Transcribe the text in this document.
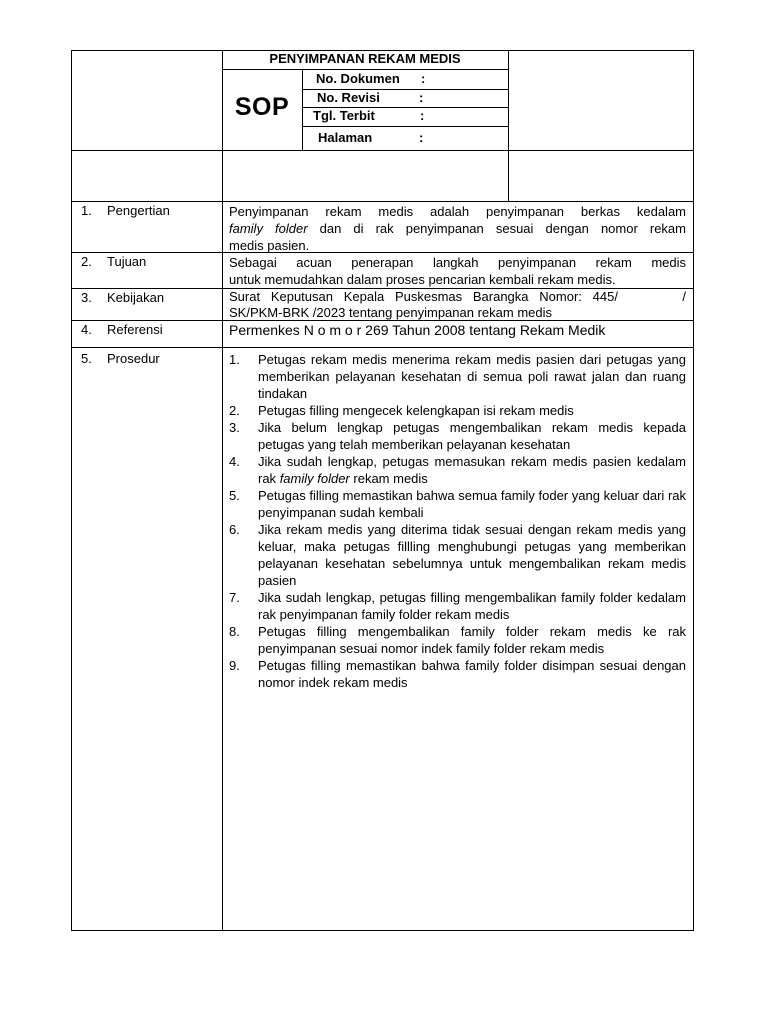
PENYIMPANAN REKAM MEDIS
SOP
No. Dokumen :
No. Revisi	:
Tgl. Terbit	:
Halaman	:
1. Pengertian	Penyimpanan rekam medis adalah penyimpanan berkas kedalam
family folder dan di rak penyimpanan sesuai dengan nomor rekam
medis pasien.
2. Tujuan	Sebagai acuan penerapan langkah penyimpanan rekam medis
untuk memudahkan dalam proses pencarian kembali rekam medis.
3. Kebijakan	Surat Keputusan Kepala Puskesmas Barangka Nomor: 445/      /
SK/PKM-BRK /2023 tentang penyimpanan rekam medis
4. Referensi	Permenkes N o m o r 269 Tahun 2008 tentang Rekam Medik
5. Prosedur	1. Petugas rekam medis menerima rekam medis pasien dari petugas yang memberikan pelayanan kesehatan di semua poli rawat jalan dan ruang tindakan
2. Petugas filling mengecek kelengkapan isi rekam medis
3. Jika belum lengkap petugas mengembalikan rekam medis kepada petugas yang telah memberikan pelayanan kesehatan
4. Jika sudah lengkap, petugas memasukan rekam medis pasien kedalam rak family folder rekam medis
5. Petugas filling memastikan bahwa semua family foder yang keluar dari rak penyimpanan sudah kembali
6. Jika rekam medis yang diterima tidak sesuai dengan rekam medis yang keluar, maka petugas fillling menghubungi petugas yang memberikan pelayanan kesehatan sebelumnya untuk mengembalikan rekam medis pasien
7. Jika sudah lengkap, petugas filling mengembalikan family folder kedalam rak penyimpanan family folder rekam medis
8. Petugas filling mengembalikan family folder rekam medis ke rak penyimpanan sesuai nomor indek family folder rekam medis
9. Petugas filling memastikan bahwa family folder disimpan sesuai dengan nomor indek rekam medis
